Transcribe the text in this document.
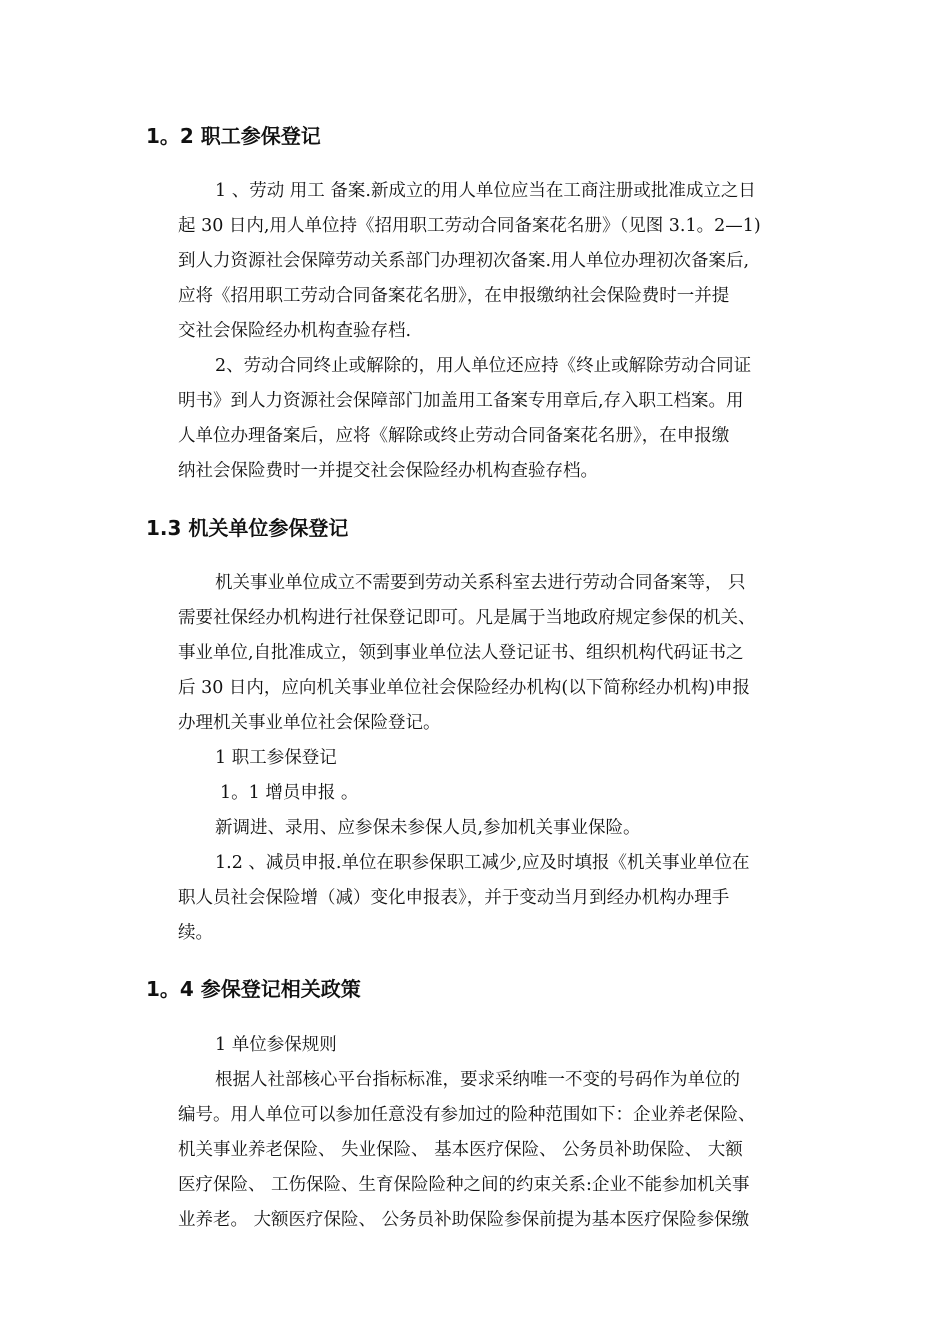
1。2 职工参保登记
1 、劳动 用工 备案.新成立的用人单位应当在工商注册或批准成立之日
起 30 日内,用人单位持《招用职工劳动合同备案花名册》（见图 3.1。2—1)
到人力资源社会保障劳动关系部门办理初次备案.用人单位办理初次备案后,
应将《招用职工劳动合同备案花名册》，在申报缴纳社会保险费时一并提
交社会保险经办机构查验存档.
2、劳动合同终止或解除的，用人单位还应持《终止或解除劳动合同证
明书》到人力资源社会保障部门加盖用工备案专用章后,存入职工档案。用
人单位办理备案后，应将《解除或终止劳动合同备案花名册》，在申报缴
纳社会保险费时一并提交社会保险经办机构查验存档。
1.3 机关单位参保登记
机关事业单位成立不需要到劳动关系科室去进行劳动合同备案等， 只
需要社保经办机构进行社保登记即可。凡是属于当地政府规定参保的机关、
事业单位,自批准成立，领到事业单位法人登记证书、组织机构代码证书之
后 30 日内，应向机关事业单位社会保险经办机构(以下简称经办机构)申报
办理机关事业单位社会保险登记。
1 职工参保登记
1。1 增员申报 。
新调进、录用、应参保未参保人员,参加机关事业保险。
1.2 、减员申报.单位在职参保职工减少,应及时填报《机关事业单位在
职人员社会保险增（减）变化申报表》，并于变动当月到经办机构办理手
续。
1。4 参保登记相关政策
1 单位参保规则
根据人社部核心平台指标标准，要求采纳唯一不变的号码作为单位的
编号。用人单位可以参加任意没有参加过的险种范围如下：企业养老保险、
机关事业养老保险、 失业保险、 基本医疗保险、 公务员补助保险、 大额
医疗保险、 工伤保险、生育保险险种之间的约束关系:企业不能参加机关事
业养老。 大额医疗保险、 公务员补助保险参保前提为基本医疗保险参保缴
